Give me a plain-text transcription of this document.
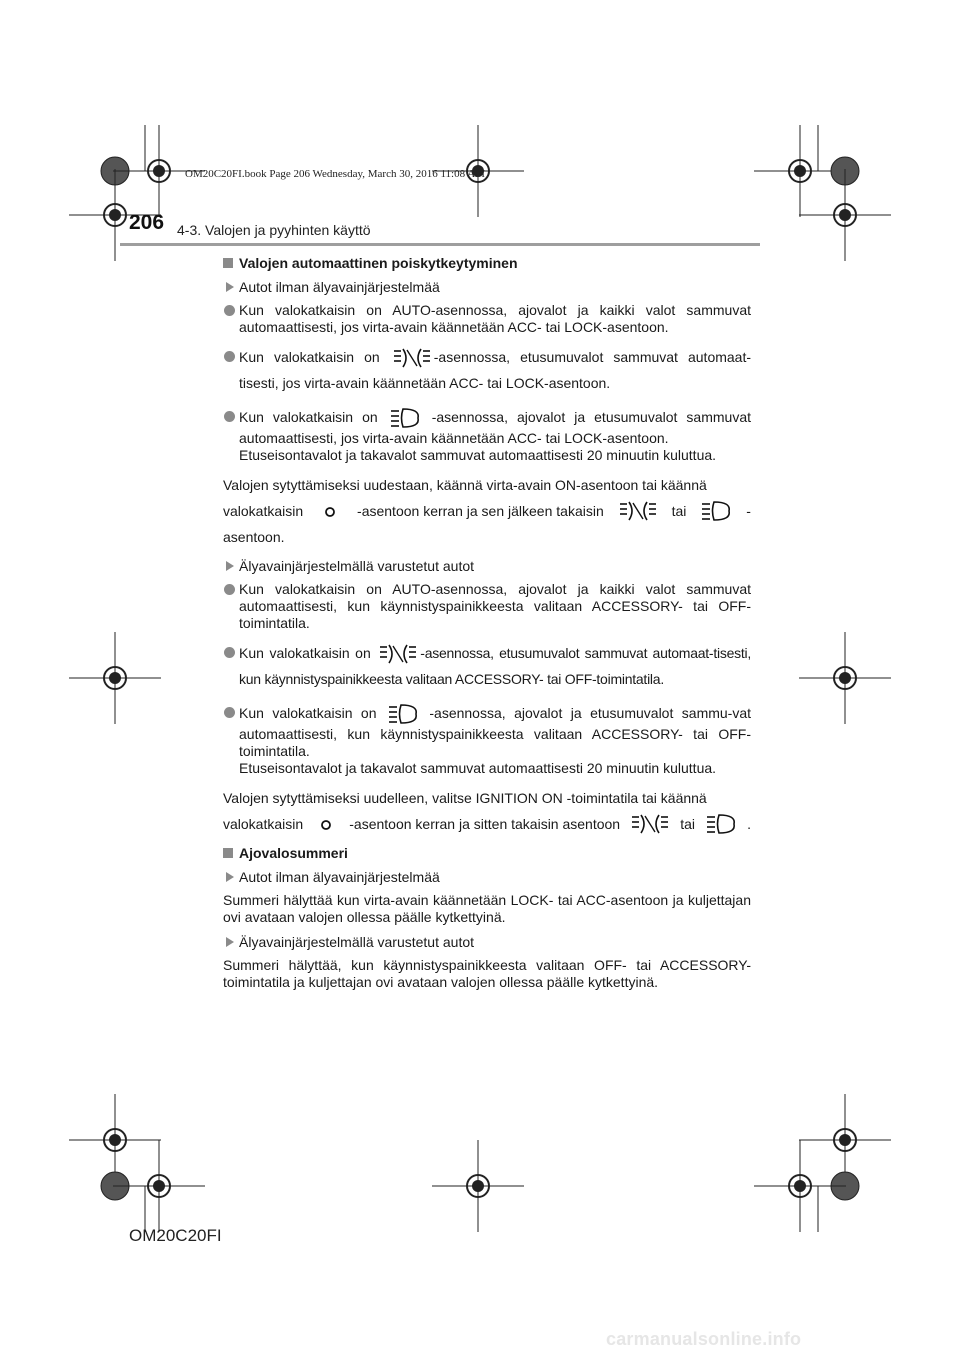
OM20C20FI.book Page 206 Wednesday, March 30, 2016 11:08 AM
206 4-3. Valojen ja pyyhinten käyttö
Valojen automaattinen poiskytkeytyminen
Autot ilman älyavainjärjestelmää
Kun valokatkaisin on AUTO-asennossa, ajovalot ja kaikki valot sammuvat automaattisesti, jos virta-avain käännetään ACC- tai LOCK-asentoon.
Kun valokatkaisin on	-asennossa, etusumuvalot sammuvat automaat-tisesti, jos virta-avain käännetään ACC- tai LOCK-asentoon.
Kun valokatkaisin on	-asennossa, ajovalot ja etusumuvalot sammuvat automaattisesti, jos virta-avain käännetään ACC- tai LOCK-asentoon.
Etuseisontavalot ja takavalot sammuvat automaattisesti 20 minuutin kuluttua.
Valojen sytyttämiseksi uudestaan, käännä virta-avain ON-asentoon tai käännä

valokatkaisin	-asentoon kerran ja sen jälkeen takaisin	tai	-
asentoon.
Älyavainjärjestelmällä varustetut autot
Kun valokatkaisin on AUTO-asennossa, ajovalot ja kaikki valot sammuvat automaattisesti, kun käynnistyspainikkeesta valitaan ACCESSORY- tai OFF-toimintatila.
Kun valokatkaisin on	-asennossa, etusumuvalot sammuvat automaat-tisesti, kun käynnistyspainikkeesta valitaan ACCESSORY- tai OFF-toimintatila.
Kun valokatkaisin on	-asennossa, ajovalot ja etusumuvalot sammu-vat automaattisesti, kun käynnistyspainikkeesta valitaan ACCESSORY- tai OFF-toimintatila.
Etuseisontavalot ja takavalot sammuvat automaattisesti 20 minuutin kuluttua.
Valojen sytyttämiseksi uudelleen, valitse IGNITION ON -toimintatila tai käännä

valokatkaisin	-asentoon kerran ja sitten takaisin asentoon	tai	.
Ajovalosummeri
Autot ilman älyavainjärjestelmää
Summeri hälyttää kun virta-avain käännetään LOCK- tai ACC-asentoon ja kuljettajan ovi avataan valojen ollessa päälle kytkettyinä.
Älyavainjärjestelmällä varustetut autot
Summeri hälyttää, kun käynnistyspainikkeesta valitaan OFF- tai ACCESSORY-toimintatila ja kuljettajan ovi avataan valojen ollessa päälle kytkettyinä.
OM20C20FI
carmanualsonline.info
